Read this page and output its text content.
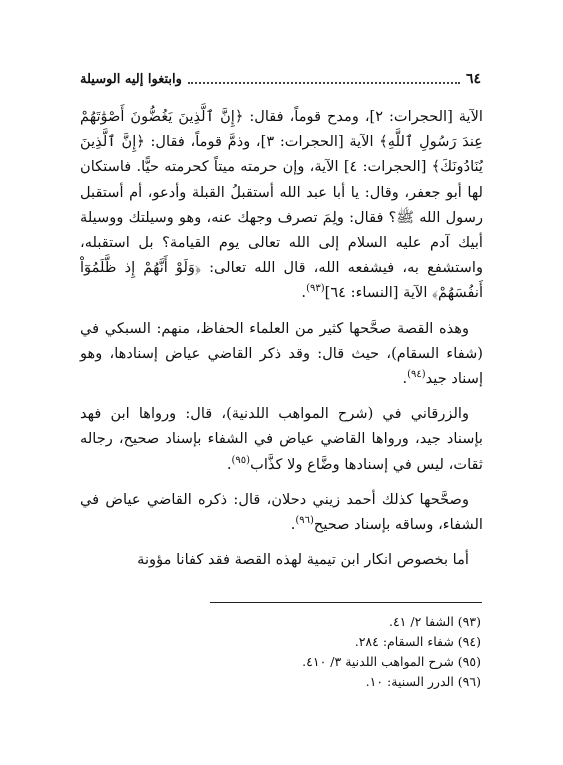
٦٤
وابتغوا إليه الوسيلة

الآية [الحجرات: ٢]، ومدح قوماً، فقال: ﴿إِنَّ ٱلَّذِينَ يَغُضُّونَ أَصْوَٰتَهُمْ عِندَ رَسُولِ ٱللَّهِ﴾ الآية [الحجرات: ٣]، وذمَّ قوماً، فقال: ﴿إِنَّ ٱلَّذِينَ يُنَادُونَكَ﴾ [الحجرات: ٤] الآية، وإن حرمته ميتاً كحرمته حيًّا. فاستكان لها أبو جعفر، وقال: يا أبا عبد الله أستقبلُ القبلة وأدعو، أم أستقبل رسول الله ﷺ؟ فقال: ولِمَ تصرف وجهك عنه، وهو وسيلتك ووسيلة أبيك آدم عليه السلام إلى الله تعالى يوم القيامة؟ بل استقبله، واستشفع به، فيشفعه الله، قال الله تعالى: ﴿وَلَوْ أَنَّهُمْ إِذ ظَّلَمُوٓاْ أَنفُسَهُمْ﴾ الآية [النساء: ٦٤]$^{(٩٣)}$.

وهذه القصة صحَّحها كثير من العلماء الحفاظ، منهم: السبكي في (شفاء السقام)، حيث قال: وقد ذكر القاضي عياض إسنادها، وهو إسناد جيد$^{(٩٤)}$.

والزرقاني في (شرح المواهب اللدنية)، قال: ورواها ابن فهد بإسناد جيد، ورواها القاضي عياض في الشفاء بإسناد صحيح، رجاله ثقات، ليس في إسنادها وضَّاع ولا كذَّاب$^{(٩٥)}$.

وصحَّحها كذلك أحمد زيني دحلان، قال: ذكره القاضي عياض في الشفاء، وساقه بإسناد صحيح$^{(٩٦)}$.

أما بخصوص انكار ابن تيمية لهذه القصة فقد كفانا مؤونة

(٩٣) الشفا ٢/ ٤١.
(٩٤) شفاء السقام: ٢٨٤.
(٩٥) شرح المواهب اللدنية ٣/ ٤١٠.
(٩٦) الدرر السنية: ١٠.
